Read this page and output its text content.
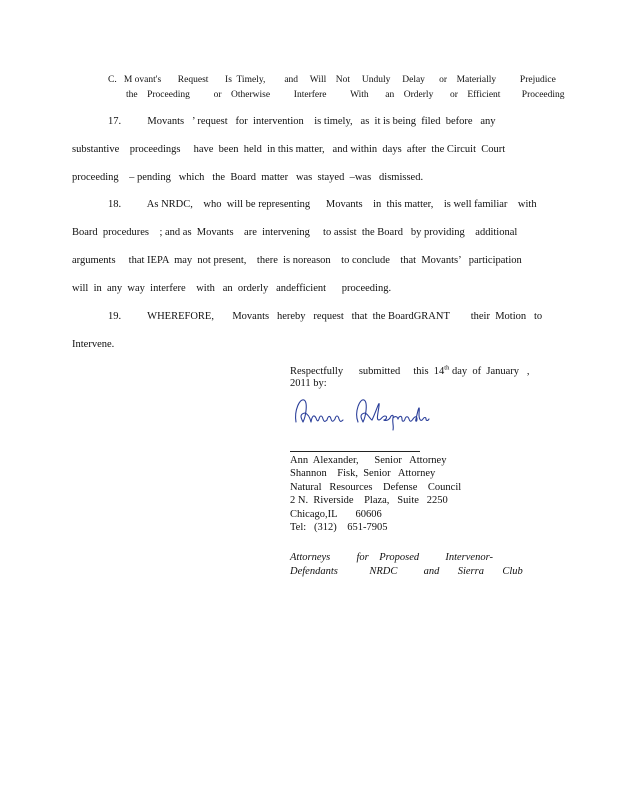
C.   M ovant's       Request       Is  Timely,        and     Will    Not     Unduly     Delay      or    Materially          Prejudice
the    Proceeding          or    Otherwise          Interfere          With       an    Orderly       or    Efficient         Proceeding
17.          Movants   ’ request   for  intervention    is timely,   as  it is being  filed  before   any
substantive    proceedings     have  been  held  in this matter,   and within  days  after  the Circuit  Court
proceeding    – pending   which   the  Board  matter   was  stayed  –was   dismissed.
18.          As NRDC,    who  will be representing      Movants    in  this matter,    is well familiar    with
Board  procedures    ; and as  Movants    are  intervening     to assist  the Board   by providing    additional
arguments     that IEPA  may  not present,    there  is noreason    to conclude    that  Movants’   participation
will  in  any  way  interfere    with   an  orderly   andefficient      proceeding.
19.          WHEREFORE,       Movants   hereby   request   that  the BoardGRANT        their  Motion   to
Intervene.
Respectfully      submitted     this  14th day  of  January   ,
2011 by:
Ann  Alexander,      Senior   Attorney
Shannon    Fisk,  Senior   Attorney
Natural   Resources    Defense    Council
2 N.  Riverside    Plaza,   Suite   2250
Chicago,IL       60606
Tel:   (312)    651-7905
Attorneys          for    Proposed          Intervenor-
Defendants            NRDC          and       Sierra       Club
